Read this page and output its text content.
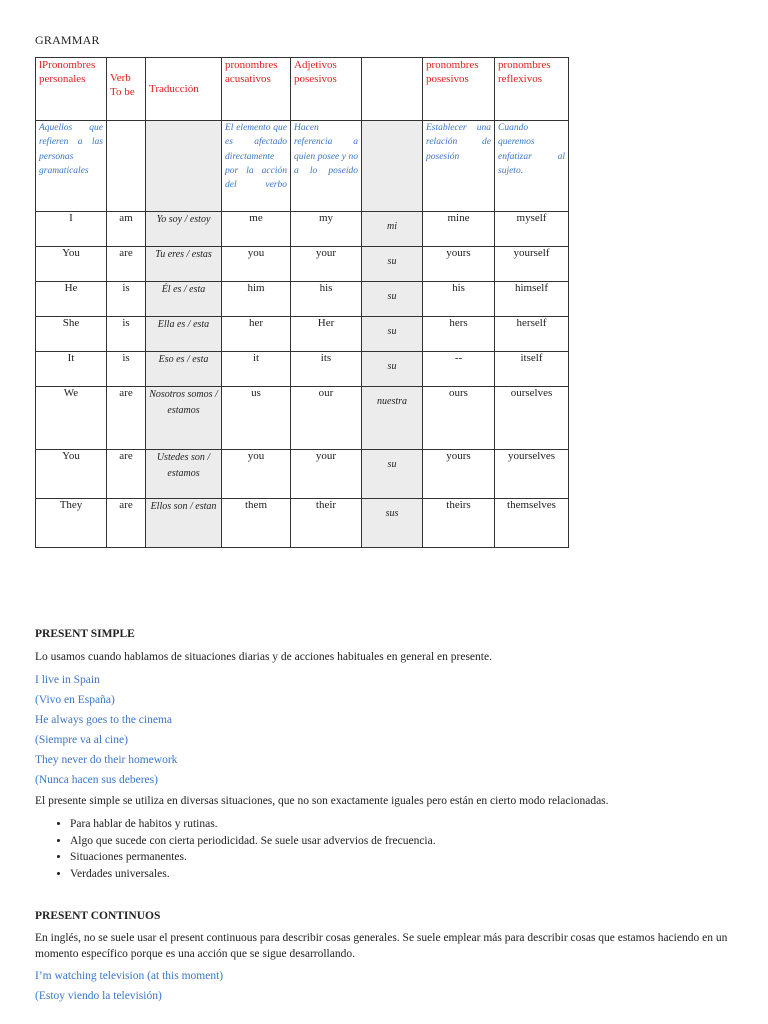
GRAMMAR
lPronombres personales	Verb To be	Traducción	pronombres acusativos	Adjetivos posesivos		pronombres posesivos	pronombres reflexivos
Aquellos que refieren a las personas gramaticales			El elemento que es afectado directamente por la acción del verbo	Hacen referencia a quien posee y no a lo poseído		Establecer una relación de posesión	Cuando queremos enfatizar al sujeto.
I	am	Yo soy / estoy	me	my	mi	mine	myself
You	are	Tu eres / estas	you	your	su	yours	yourself
He	is	Él es / esta	him	his	su	his	himself
She	is	Ella es / esta	her	Her	su	hers	herself
It	is	Eso es / esta	it	its	su	--	itself
We	are	Nosotros somos / estamos	us	our	nuestra	ours	ourselves
You	are	Ustedes son / estamos	you	your	su	yours	yourselves
They	are	Ellos son / estan	them	their	sus	theirs	themselves

PRESENT SIMPLE

Lo usamos cuando hablamos de situaciones diarias y de acciones habituales en general en presente.

I live in Spain

(Vivo en España)

He always goes to the cinema

(Siempre va al cine)

They never do their homework

(Nunca hacen sus deberes)

El presente simple se utiliza en diversas situaciones, que no son exactamente iguales pero están en cierto modo relacionadas.

• Para hablar de habitos y rutinas.
• Algo que sucede con cierta periodicidad. Se suele usar advervios de frecuencia.
• Situaciones permanentes.
• Verdades universales.

PRESENT CONTINUOS

En inglés, no se suele usar el present continuous para describir cosas generales. Se suele emplear más para describir cosas que estamos haciendo en un momento específico porque es una acción que se sigue desarrollando.

I’m watching television (at this moment)

(Estoy viendo la televisión)
